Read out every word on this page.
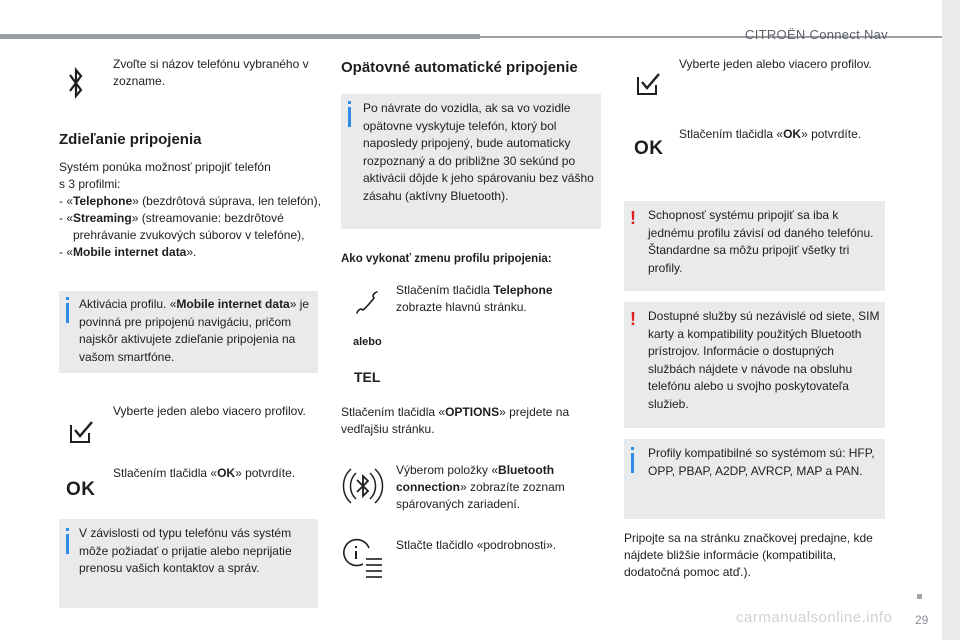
CITROËN Connect Nav
Zvoľte si názov telefónu vybraného v zozname.
Zdieľanie pripojenia
Systém ponúka možnosť pripojiť telefón s 3 profilmi:
- «Telephone» (bezdrôtová súprava, len telefón),
- «Streaming» (streamovanie: bezdrôtové prehrávanie zvukových súborov v telefóne),
- «Mobile internet data».

Aktivácia profilu. «Mobile internet data» je povinná pre pripojenú navigáciu, pričom najskôr aktivujete zdieľanie pripojenia na vašom smartfóne.

Vyberte jeden alebo viacero profilov.
OK
Stlačením tlačidla «OK» potvrdíte.

V závislosti od typu telefónu vás systém môže požiadať o prijatie alebo neprijatie prenosu vašich kontaktov a správ.

Opätovné automatické pripojenie

Po návrate do vozidla, ak sa vo vozidle opätovne vyskytuje telefón, ktorý bol naposledy pripojený, bude automaticky rozpoznaný a do približne 30 sekúnd po aktivácii dôjde k jeho spárovaniu bez vášho zásahu (aktívny Bluetooth).

Ako vykonať zmenu profilu pripojenia:
alebo
TEL
Stlačením tlačidla Telephone zobrazte hlavnú stránku.
Stlačením tlačidla «OPTIONS» prejdete na vedľajšiu stránku.
Výberom položky «Bluetooth connection» zobrazíte zoznam spárovaných zariadení.
Stlačte tlačidlo «podrobnosti».
Vyberte jeden alebo viacero profilov.
OK
Stlačením tlačidla «OK» potvrdíte.
! Schopnosť systému pripojiť sa iba k jednému profilu závisí od daného telefónu. Štandardne sa môžu pripojiť všetky tri profily.

! Dostupné služby sú nezávislé od siete, SIM karty a kompatibility použitých Bluetooth prístrojov. Informácie o dostupných službách nájdete v návode na obsluhu telefónu alebo u svojho poskytovateľa služieb.

Profily kompatibilné so systémom sú: HFP, OPP, PBAP, A2DP, AVRCP, MAP a PAN.

Pripojte sa na stránku značkovej predajne, kde nájdete bližšie informácie (kompatibilita, dodatočná pomoc atď.).
carmanualsonline.info 29
